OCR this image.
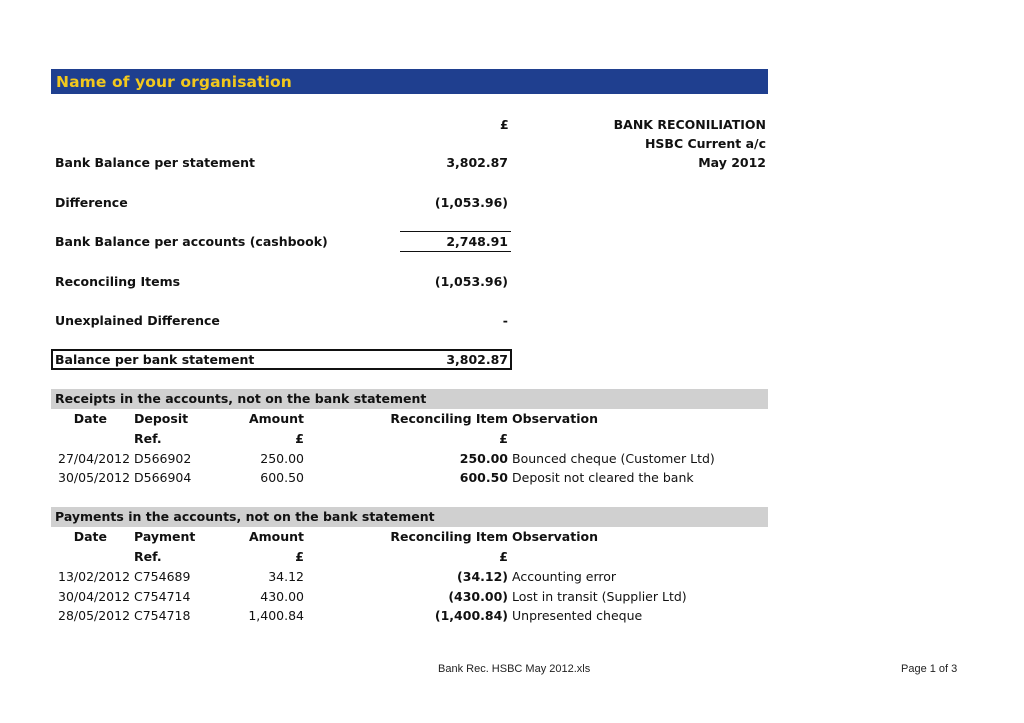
Name of your organisation
£	BANK RECONILIATION
HSBC Current a/c
May 2012
Bank Balance per statement	3,802.87
Difference	(1,053.96)
Bank Balance per accounts (cashbook)	2,748.91
Reconciling Items	(1,053.96)
Unexplained Difference	-
Balance per bank statement	3,802.87
Receipts in the accounts, not on the bank statement
Date Deposit	Amount	Reconciling Item Observation
Ref.	£	£
27/04/2012 D566902	250.00	250.00 Bounced cheque (Customer Ltd)
30/05/2012 D566904	600.50	600.50 Deposit not cleared the bank
Payments in the accounts, not on the bank statement
Date Payment	Amount	Reconciling Item Observation
Ref.	£	£
13/02/2012 C754689	34.12	(34.12) Accounting error
30/04/2012 C754714	430.00	(430.00) Lost in transit (Supplier Ltd)
28/05/2012 C754718	1,400.84	(1,400.84) Unpresented cheque
Bank Rec. HSBC May 2012.xls	Page 1 of 3
